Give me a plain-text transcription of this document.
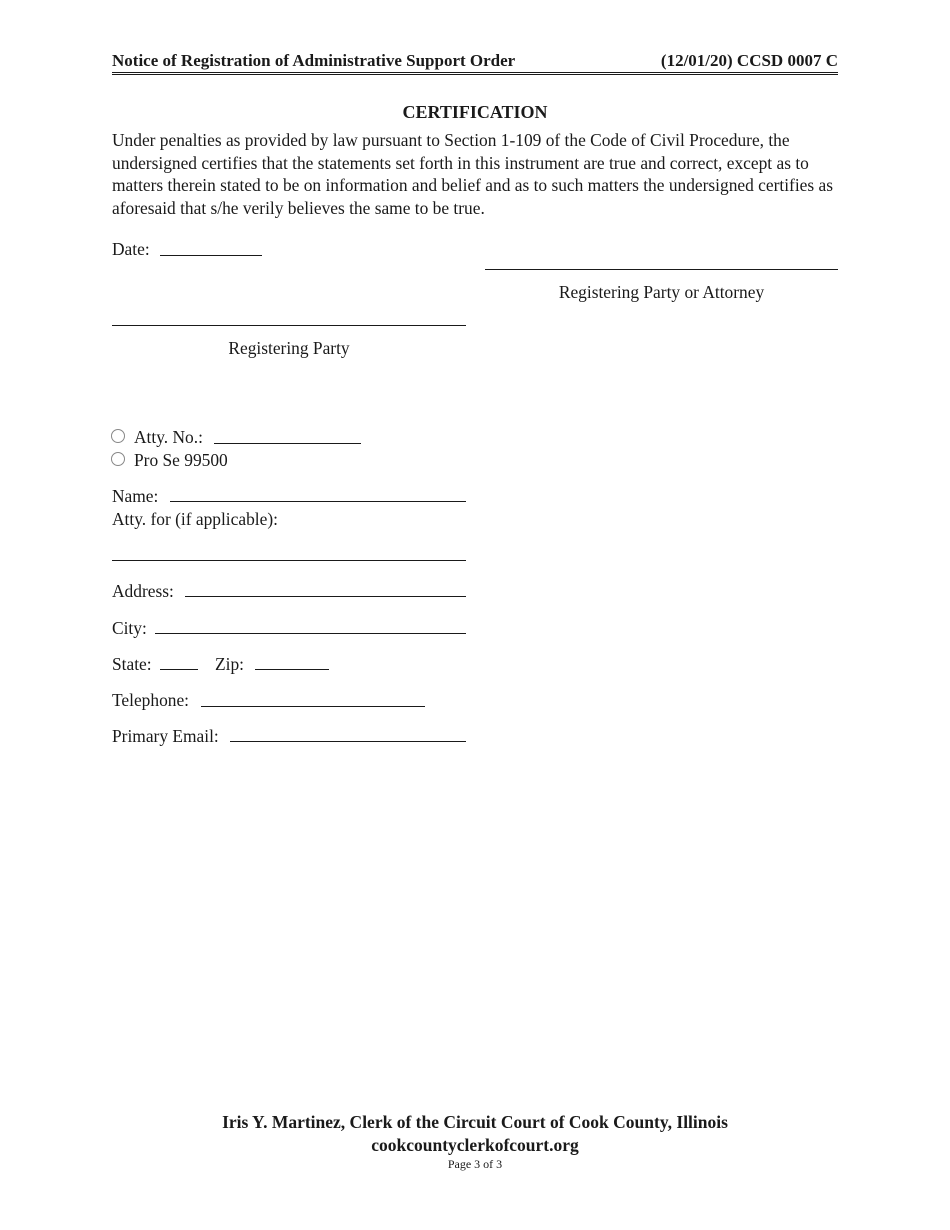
Notice of Registration of Administrative Support Order	(12/01/20) CCSD 0007 C
CERTIFICATION
Under penalties as provided by law pursuant to Section 1-109 of the Code of Civil Procedure, the undersigned certifies that the statements set forth in this instrument are true and correct, except as to matters therein stated to be on information and belief and as to such matters the undersigned certifies as aforesaid that s/he verily believes the same to be true.
Date:
Registering Party or Attorney
Registering Party
Atty. No.:
Pro Se 99500
Name:
Atty. for (if applicable):
Address:
City:
State:	Zip:
Telephone:
Primary Email:
Iris Y. Martinez, Clerk of the Circuit Court of Cook County, Illinois
cookcountyclerkofcourt.org
Page 3 of 3
